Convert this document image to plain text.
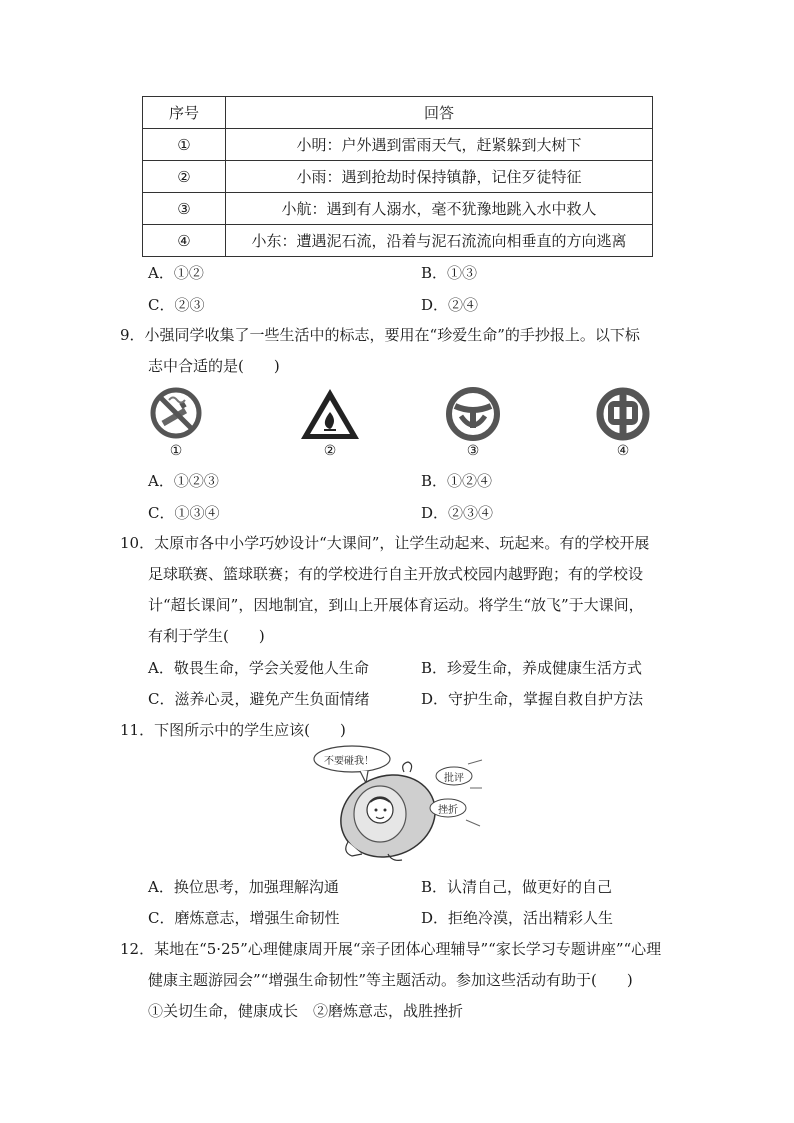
序号	回答
①	小明：户外遇到雷雨天气，赶紧躲到大树下
②	小雨：遇到抢劫时保持镇静，记住歹徒特征
③	小航：遇到有人溺水，毫不犹豫地跳入水中救人
④	小东：遭遇泥石流，沿着与泥石流流向相垂直的方向逃离
A．①②	B．①③
C．②③	D．②④
9．小强同学收集了一些生活中的标志，要用在“珍爱生命”的手抄报上。以下标
志中合适的是(　　)
①	②	③	④
A．①②③	B．①②④
C．①③④	D．②③④
10．太原市各中小学巧妙设计“大课间”，让学生动起来、玩起来。有的学校开展
足球联赛、篮球联赛；有的学校进行自主开放式校园内越野跑；有的学校设
计“超长课间”，因地制宜，到山上开展体育运动。将学生“放飞”于大课间，
有利于学生(　　)
A．敬畏生命，学会关爱他人生命	B．珍爱生命，养成健康生活方式
C．滋养心灵，避免产生负面情绪	D．守护生命，掌握自救自护方法
11．下图所示中的学生应该(　　)
不要碰我！
批评
挫折
A．换位思考，加强理解沟通	B．认清自己，做更好的自己
C．磨炼意志，增强生命韧性	D．拒绝冷漠，活出精彩人生
12．某地在“5·25”心理健康周开展“亲子团体心理辅导”“家长学习专题讲座”“心理
健康主题游园会”“增强生命韧性”等主题活动。参加这些活动有助于(　　)
①关切生命，健康成长　②磨炼意志，战胜挫折
